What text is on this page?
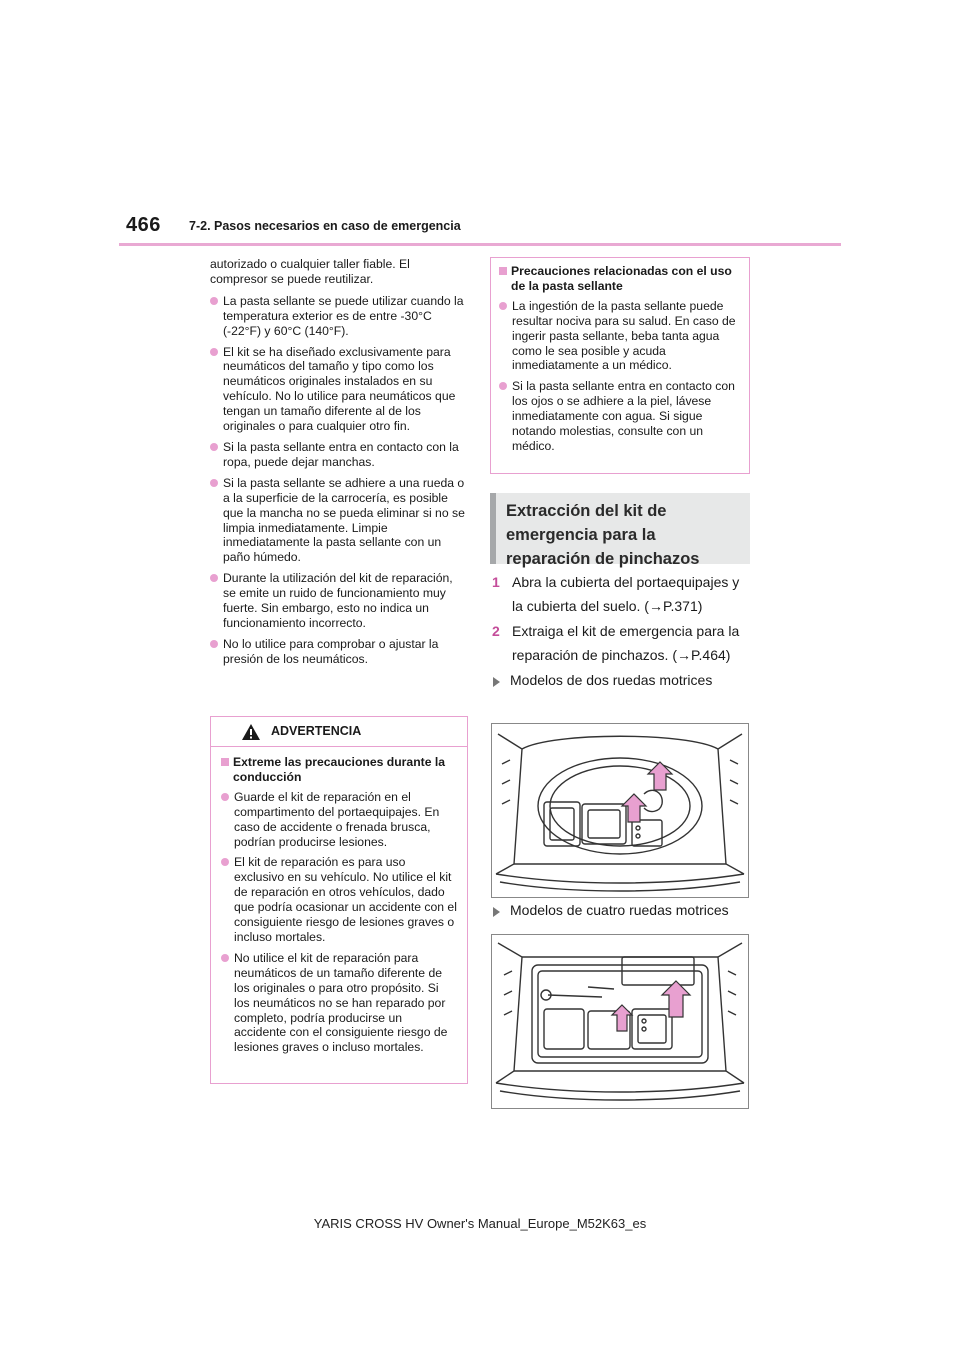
466 7-2. Pasos necesarios en caso de emergencia

autorizado o cualquier taller fiable. El compresor se puede reutilizar.

La pasta sellante se puede utilizar cuando la temperatura exterior es de entre -30°C (-22°F) y 60°C (140°F).
El kit se ha diseñado exclusivamente para neumáticos del tamaño y tipo como los neumáticos originales instalados en su vehículo. No lo utilice para neumáticos que tengan un tamaño diferente al de los originales o para cualquier otro fin.
Si la pasta sellante entra en contacto con la ropa, puede dejar manchas.
Si la pasta sellante se adhiere a una rueda o a la superficie de la carrocería, es posible que la mancha no se pueda eliminar si no se limpia inmediatamente. Limpie inmediatamente la pasta sellante con un paño húmedo.
Durante la utilización del kit de reparación, se emite un ruido de funcionamiento muy fuerte. Sin embargo, esto no indica un funcionamiento incorrecto.
No lo utilice para comprobar o ajustar la presión de los neumáticos.
ADVERTENCIA
Extreme las precauciones durante la conducción
Guarde el kit de reparación en el compartimento del portaequipajes. En caso de accidente o frenada brusca, podrían producirse lesiones.
El kit de reparación es para uso exclusivo en su vehículo. No utilice el kit de reparación en otros vehículos, dado que podría ocasionar un accidente con el consiguiente riesgo de lesiones graves o incluso mortales.
No utilice el kit de reparación para neumáticos de un tamaño diferente de los originales o para otro propósito. Si los neumáticos no se han reparado por completo, podría producirse un accidente con el consiguiente riesgo de lesiones graves o incluso mortales.
Precauciones relacionadas con el uso de la pasta sellante
La ingestión de la pasta sellante puede resultar nociva para su salud. En caso de ingerir pasta sellante, beba tanta agua como le sea posible y acuda inmediatamente a un médico.
Si la pasta sellante entra en contacto con los ojos o se adhiere a la piel, lávese inmediatamente con agua. Si sigue notando molestias, consulte con un médico.
Extracción del kit de emergencia para la reparación de pinchazos
1 Abra la cubierta del portaequipajes y la cubierta del suelo. (→P.371)
2 Extraiga el kit de emergencia para la reparación de pinchazos. (→P.464)
Modelos de dos ruedas motrices
Modelos de cuatro ruedas motrices
YARIS CROSS HV Owner's Manual_Europe_M52K63_es
